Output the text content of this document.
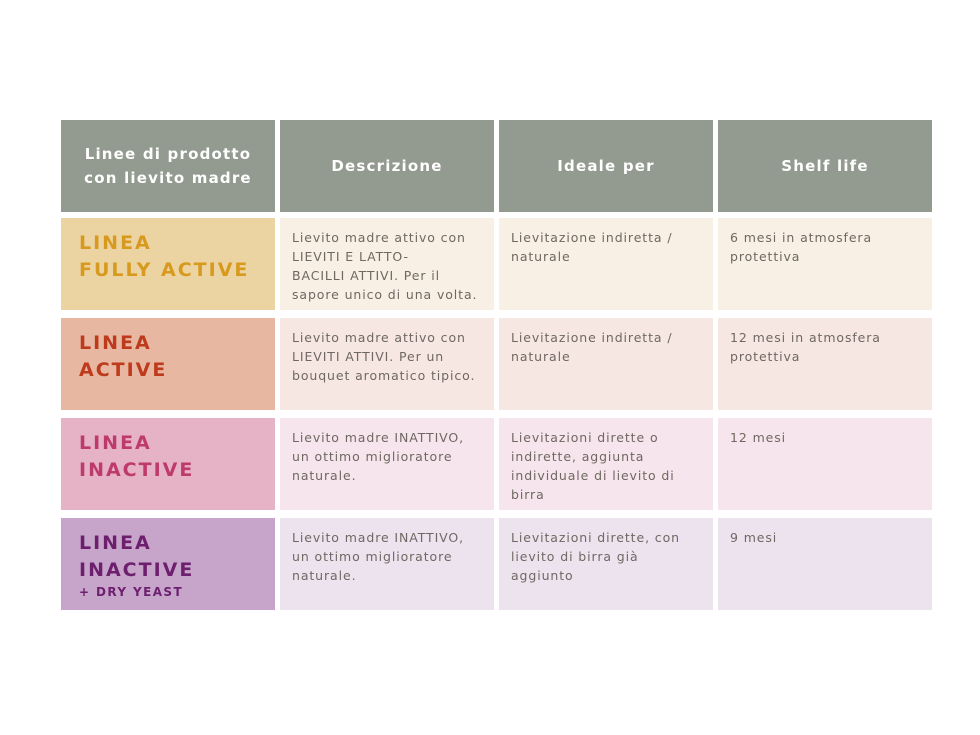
Linee di prodotto
con lievito madre
Descrizione	Ideale per	Shelf life
LINEA
FULLY ACTIVE
Lievito madre attivo con
LIEVITI E LATTO-
BACILLI ATTIVI. Per il
sapore unico di una volta.
Lievitazione indiretta /
naturale
6 mesi in atmosfera
protettiva
LINEA
ACTIVE
Lievito madre attivo con
LIEVITI ATTIVI. Per un
bouquet aromatico tipico.
Lievitazione indiretta /
naturale
12 mesi in atmosfera
protettiva
LINEA
INACTIVE
Lievito madre INATTIVO,
un ottimo miglioratore
naturale.
Lievitazioni dirette o
indirette, aggiunta
individuale di lievito di
birra
12 mesi
LINEA
INACTIVE
+ DRY YEAST
Lievito madre INATTIVO,
un ottimo miglioratore
naturale.
Lievitazioni dirette, con
lievito di birra già
aggiunto
9 mesi
